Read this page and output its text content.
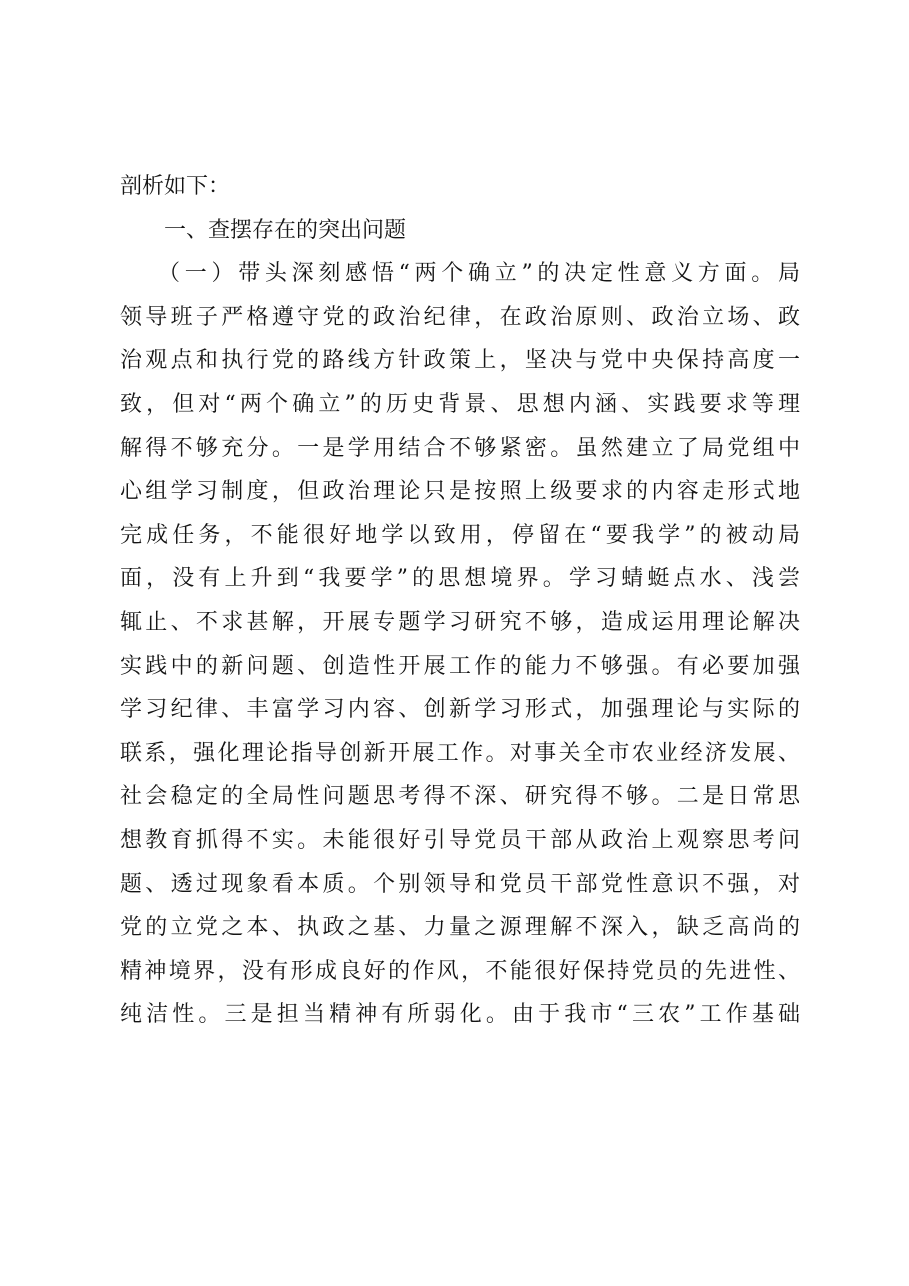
剖析如下：
一、查摆存在的突出问题
（一）带头深刻感悟“两个确立”的决定性意义方面。局
领导班子严格遵守党的政治纪律，在政治原则、政治立场、政
治观点和执行党的路线方针政策上，坚决与党中央保持高度一
致，但对“两个确立”的历史背景、思想内涵、实践要求等理
解得不够充分。一是学用结合不够紧密。虽然建立了局党组中
心组学习制度，但政治理论只是按照上级要求的内容走形式地
完成任务，不能很好地学以致用，停留在“要我学”的被动局
面，没有上升到“我要学”的思想境界。学习蜻蜓点水、浅尝
辄止、不求甚解，开展专题学习研究不够，造成运用理论解决
实践中的新问题、创造性开展工作的能力不够强。有必要加强
学习纪律、丰富学习内容、创新学习形式，加强理论与实际的
联系，强化理论指导创新开展工作。对事关全市农业经济发展、
社会稳定的全局性问题思考得不深、研究得不够。二是日常思
想教育抓得不实。未能很好引导党员干部从政治上观察思考问
题、透过现象看本质。个别领导和党员干部党性意识不强，对
党的立党之本、执政之基、力量之源理解不深入，缺乏高尚的
精神境界，没有形成良好的作风，不能很好保持党员的先进性、
纯洁性。三是担当精神有所弱化。由于我市“三农”工作基础
